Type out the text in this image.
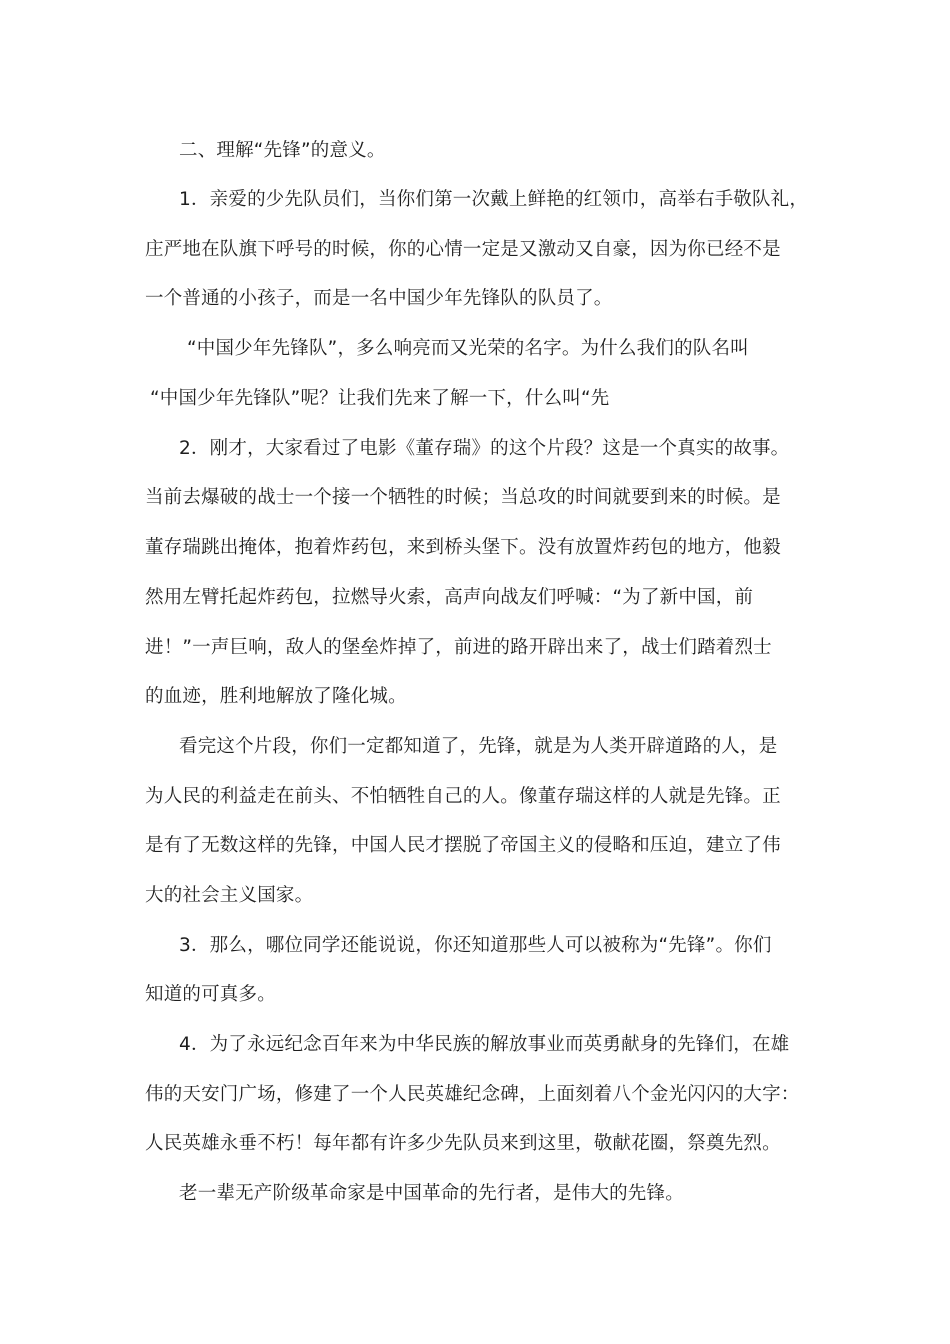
二、理解“先锋”的意义。
1．亲爱的少先队员们，当你们第一次戴上鲜艳的红领巾，高举右手敬队礼，
庄严地在队旗下呼号的时候，你的心情一定是又激动又自豪，因为你已经不是
一个普通的小孩子，而是一名中国少年先锋队的队员了。
“中国少年先锋队”，多么响亮而又光荣的名字。为什么我们的队名叫
“中国少年先锋队”呢？让我们先来了解一下，什么叫“先
2．刚才，大家看过了电影《董存瑞》的这个片段？这是一个真实的故事。
当前去爆破的战士一个接一个牺牲的时候；当总攻的时间就要到来的时候。是
董存瑞跳出掩体，抱着炸药包，来到桥头堡下。没有放置炸药包的地方，他毅
然用左臂托起炸药包，拉燃导火索，高声向战友们呼喊：“为了新中国，前
进！”一声巨响，敌人的堡垒炸掉了，前进的路开辟出来了，战士们踏着烈士
的血迹，胜利地解放了隆化城。
看完这个片段，你们一定都知道了，先锋，就是为人类开辟道路的人，是
为人民的利益走在前头、不怕牺牲自己的人。像董存瑞这样的人就是先锋。正
是有了无数这样的先锋，中国人民才摆脱了帝国主义的侵略和压迫，建立了伟
大的社会主义国家。
3．那么，哪位同学还能说说，你还知道那些人可以被称为“先锋”。你们
知道的可真多。
4．为了永远纪念百年来为中华民族的解放事业而英勇献身的先锋们，在雄
伟的天安门广场，修建了一个人民英雄纪念碑，上面刻着八个金光闪闪的大字：
人民英雄永垂不朽！每年都有许多少先队员来到这里，敬献花圈，祭奠先烈。
老一辈无产阶级革命家是中国革命的先行者，是伟大的先锋。
